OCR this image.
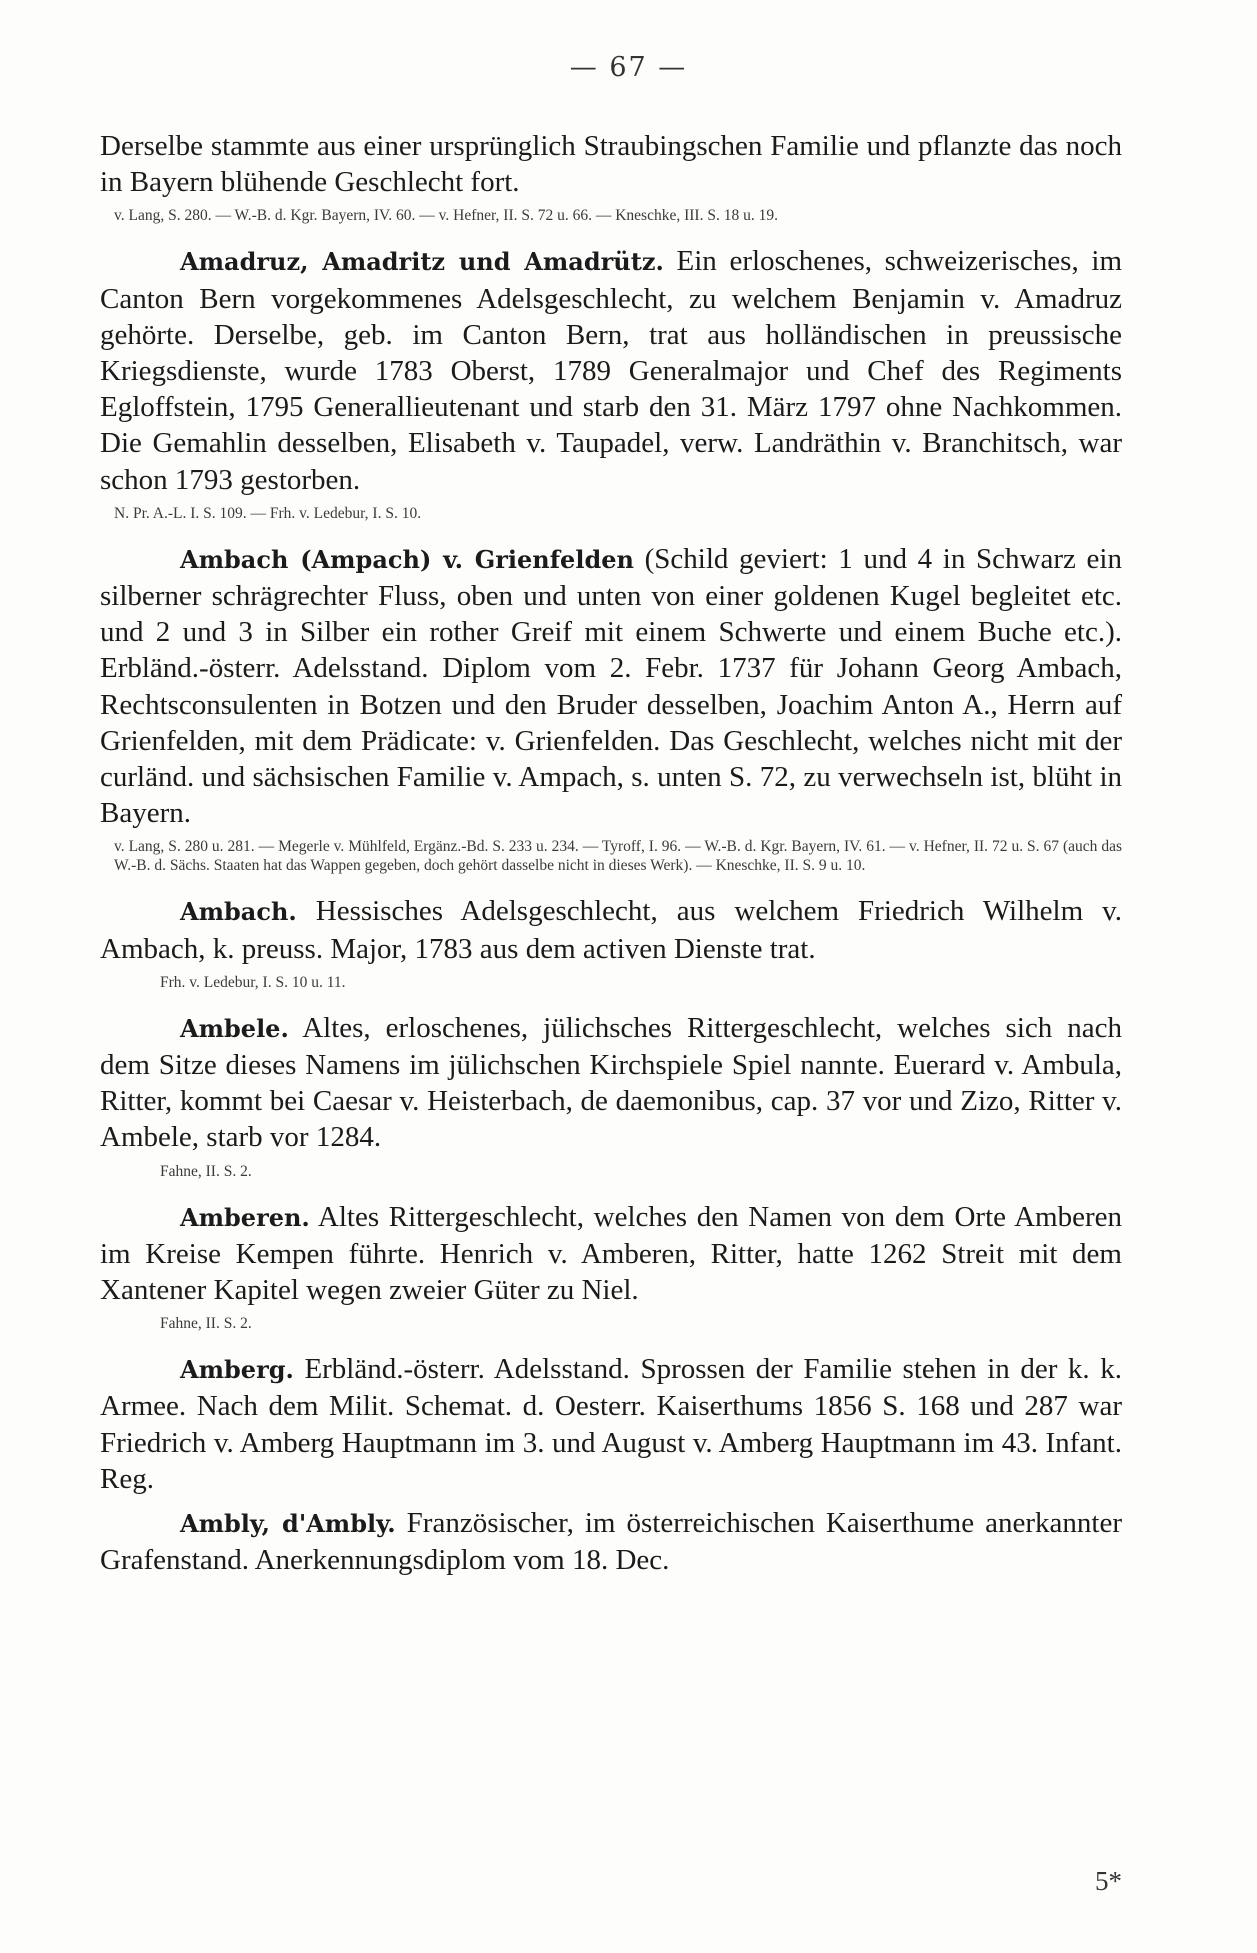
— 67 —

Derselbe stammte aus einer ursprünglich Straubingschen Familie und pflanzte das noch in Bayern blühende Geschlecht fort.

v. Lang, S. 280. — W.-B. d. Kgr. Bayern, IV. 60. — v. Hefner, II. S. 72 u. 66. — Kneschke, III. S. 18 u. 19.

Amadruz, Amadritz und Amadrütz. Ein erloschenes, schweizerisches, im Canton Bern vorgekommenes Adelsgeschlecht, zu welchem Benjamin v. Amadruz gehörte. Derselbe, geb. im Canton Bern, trat aus holländischen in preussische Kriegsdienste, wurde 1783 Oberst, 1789 Generalmajor und Chef des Regiments Egloffstein, 1795 Generallieutenant und starb den 31. März 1797 ohne Nachkommen. Die Gemahlin desselben, Elisabeth v. Taupadel, verw. Landräthin v. Branchitsch, war schon 1793 gestorben.

N. Pr. A.-L. I. S. 109. — Frh. v. Ledebur, I. S. 10.

Ambach (Ampach) v. Grienfelden (Schild geviert: 1 und 4 in Schwarz ein silberner schrägrechter Fluss, oben und unten von einer goldenen Kugel begleitet etc. und 2 und 3 in Silber ein rother Greif mit einem Schwerte und einem Buche etc.). Erbländ.-österr. Adelsstand. Diplom vom 2. Febr. 1737 für Johann Georg Ambach, Rechtsconsulenten in Botzen und den Bruder desselben, Joachim Anton A., Herrn auf Grienfelden, mit dem Prädicate: v. Grienfelden. Das Geschlecht, welches nicht mit der curländ. und sächsischen Familie v. Ampach, s. unten S. 72, zu verwechseln ist, blüht in Bayern.

v. Lang, S. 280 u. 281. — Megerle v. Mühlfeld, Ergänz.-Bd. S. 233 u. 234. — Tyroff, I. 96. — W.-B. d. Kgr. Bayern, IV. 61. — v. Hefner, II. 72 u. S. 67 (auch das W.-B. d. Sächs. Staaten hat das Wappen gegeben, doch gehört dasselbe nicht in dieses Werk). — Kneschke, II. S. 9 u. 10.

Ambach. Hessisches Adelsgeschlecht, aus welchem Friedrich Wilhelm v. Ambach, k. preuss. Major, 1783 aus dem activen Dienste trat.

Frh. v. Ledebur, I. S. 10 u. 11.

Ambele. Altes, erloschenes, jülichsches Rittergeschlecht, welches sich nach dem Sitze dieses Namens im jülichschen Kirchspiele Spiel nannte. Euerard v. Ambula, Ritter, kommt bei Caesar v. Heisterbach, de daemonibus, cap. 37 vor und Zizo, Ritter v. Ambele, starb vor 1284.

Fahne, II. S. 2.

Amberen. Altes Rittergeschlecht, welches den Namen von dem Orte Amberen im Kreise Kempen führte. Henrich v. Amberen, Ritter, hatte 1262 Streit mit dem Xantener Kapitel wegen zweier Güter zu Niel.

Fahne, II. S. 2.

Amberg. Erbländ.-österr. Adelsstand. Sprossen der Familie stehen in der k. k. Armee. Nach dem Milit. Schemat. d. Oesterr. Kaiserthums 1856 S. 168 und 287 war Friedrich v. Amberg Hauptmann im 3. und August v. Amberg Hauptmann im 43. Infant. Reg.

Ambly, d'Ambly. Französischer, im österreichischen Kaiserthume anerkannter Grafenstand. Anerkennungsdiplom vom 18. Dec.

5*
